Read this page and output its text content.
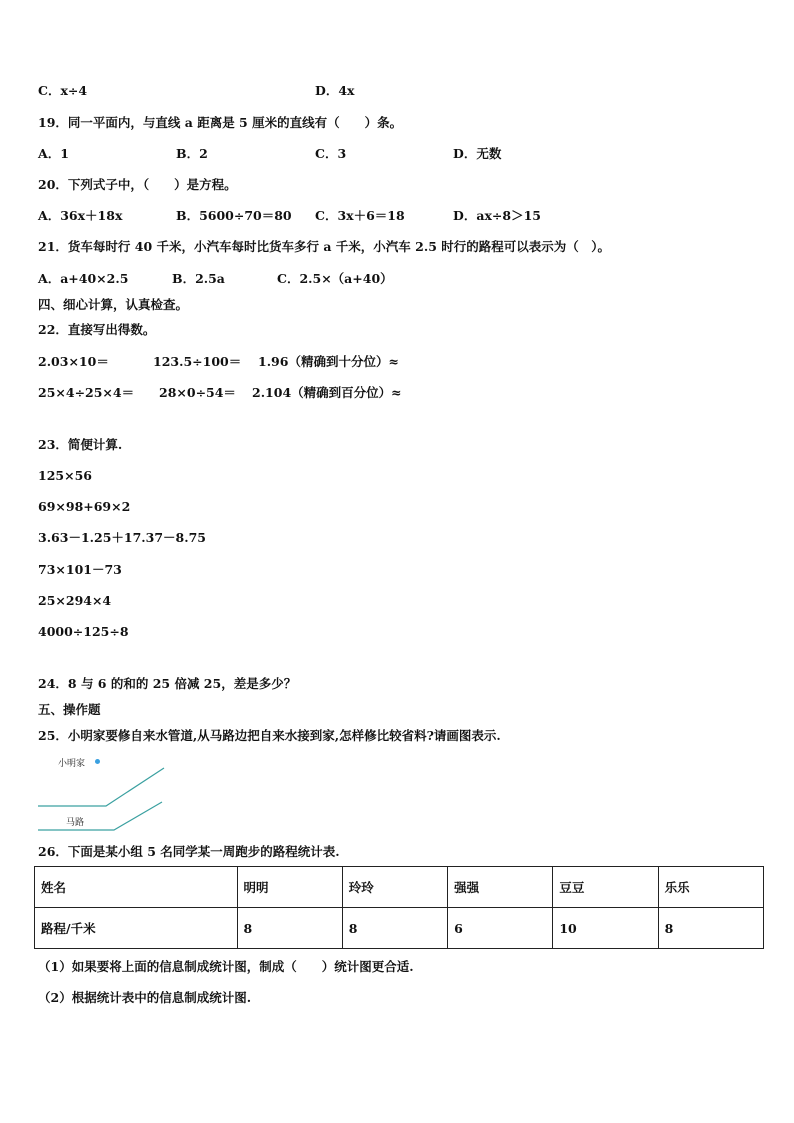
C．x÷4	D．4x
19．同一平面内，与直线 a 距离是 5 厘米的直线有（　　）条。
A．1	B．2	C．3	D．无数
20．下列式子中，（　　）是方程。
A．36x＋18x	B．5600÷70＝80 C．3x＋6＝18	D．ax÷8＞15
21．货车每时行 40 千米，小汽车每时比货车多行 a 千米，小汽车 2.5 时行的路程可以表示为（　）。
A．a+40×2.5	B．2.5a	C．2.5×（a+40）
四、细心计算，认真检查。
22．直接写出得数。
2.03×10＝	123.5÷100＝ 1.96（精确到十分位）≈
25×4÷25×4＝ 28×0÷54＝ 2.104（精确到百分位）≈
23．简便计算.
125×56
69×98+69×2
3.63－1.25＋17.37－8.75
73×101－73
25×294×4
4000÷125÷8
24．8 与 6 的和的 25 倍减 25，差是多少？
五、操作题
25．小明家要修自来水管道,从马路边把自来水接到家,怎样修比较省料?请画图表示.
小明家
马路
26．下面是某小组 5 名同学某一周跑步的路程统计表.
姓名	明明	玲玲	强强	豆豆	乐乐
路程/千米	8	8	6	10	8
（1）如果要将上面的信息制成统计图，制成（　　）统计图更合适.
（2）根据统计表中的信息制成统计图.
